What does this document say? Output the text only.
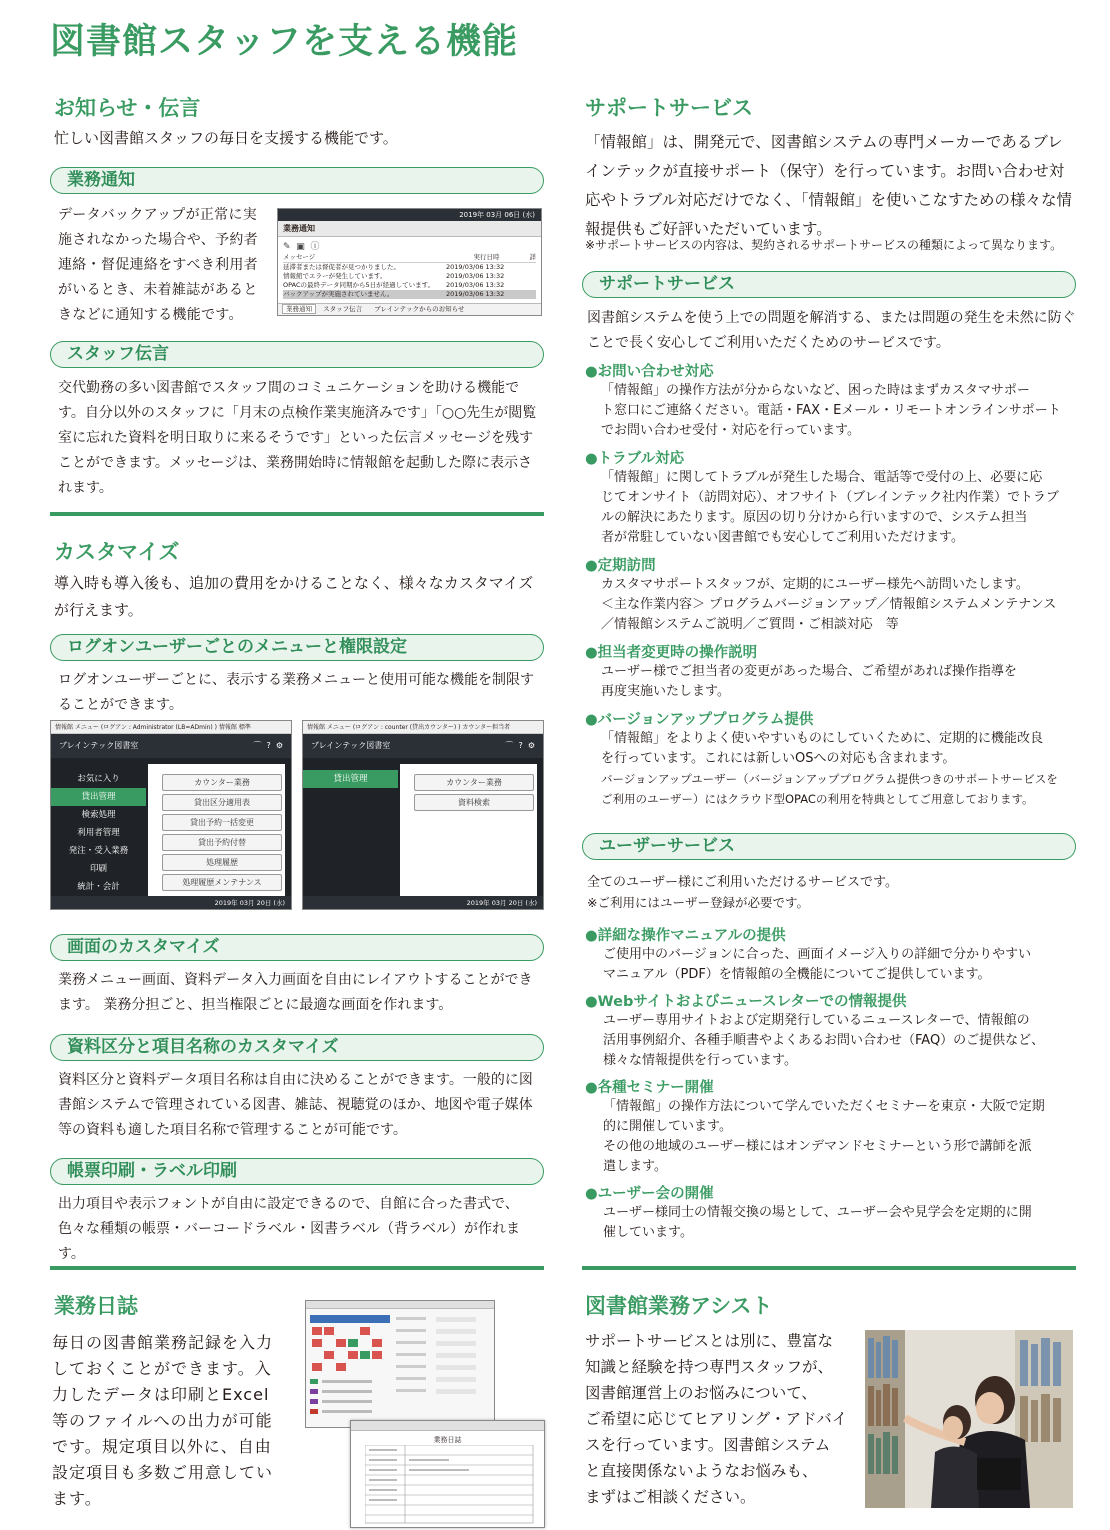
図書館スタッフを支える機能
お知らせ・伝言
忙しい図書館スタッフの毎日を支援する機能です。
業務通知
データバックアップが正常に実施されなかった場合や、予約者連絡・督促連絡をすべき利用者がいるとき、未着雑誌があるときなどに通知する機能です。
2019年 03月 06日 (水)
業務通知
✎ ▣ ⓘ
メッセージ	実行日時	詳
延滞者または督促者が見つかりました。	2019/03/06 13:32
情報館でエラーが発生しています。	2019/03/06 13:32
OPACの最終データ同期から5日が経過しています。	2019/03/06 13:32
バックアップが実施されていません。	2019/03/06 13:32
業務通知 スタッフ伝言 ブレインテックからのお知らせ
スタッフ伝言
交代勤務の多い図書館でスタッフ間のコミュニケーションを助ける機能です。自分以外のスタッフに「月末の点検作業実施済みです」「○○先生が閲覧室に忘れた資料を明日取りに来るそうです」といった伝言メッセージを残すことができます。メッセージは、業務開始時に情報館を起動した際に表示されます。
カスタマイズ
導入時も導入後も、追加の費用をかけることなく、様々なカスタマイズが行えます。
ログオンユーザーごとのメニューと権限設定
ログオンユーザーごとに、表示する業務メニューと使用可能な機能を制限することができます。
情報館 メニュー (ログアン : Administrator (LB=ADmin) ) 情報館 標準
ブレインテック図書室	⌒  ?  ⚙
お気に入り
貸出管理
検索処理
利用者管理
発注・受入業務
印刷
統計・会計
カウンター業務
貸出区分適用表
貸出予約一括変更
貸出予約付替
処理履歴
処理履歴メンテナンス
2019年 03月 20日 (水)
情報館 メニュー (ログアン : counter (貸出カウンター) ) カウンター担当者
ブレインテック図書室	⌒  ?  ⚙
貸出管理	カウンター業務
資料検索
2019年 03月 20日 (水)
画面のカスタマイズ
業務メニュー画面、資料データ入力画面を自由にレイアウトすることができます。 業務分担ごと、担当権限ごとに最適な画面を作れます。
資料区分と項目名称のカスタマイズ
資料区分と資料データ項目名称は自由に決めることができます。一般的に図書館システムで管理されている図書、雑誌、視聴覚のほか、地図や電子媒体等の資料も適した項目名称で管理することが可能です。
帳票印刷・ラベル印刷
出力項目や表示フォントが自由に設定できるので、自館に合った書式で、色々な種類の帳票・バーコードラベル・図書ラベル（背ラベル）が作れます。
業務日誌
毎日の図書館業務記録を入力しておくことができます。入力したデータは印刷とExcel等のファイルへの出力が可能です。規定項目以外に、自由設定項目も多数ご用意しています。
業務日誌
サポートサービス
「情報館」は、開発元で、図書館システムの専門メーカーであるブレインテックが直接サポート（保守）を行っています。お問い合わせ対応やトラブル対応だけでなく、「情報館」を使いこなすための様々な情報提供もご好評いただいています。
※サポートサービスの内容は、契約されるサポートサービスの種類によって異なります。
サポートサービス
図書館システムを使う上での問題を解消する、または問題の発生を未然に防ぐことで長く安心してご利用いただくためのサービスです。
●お問い合わせ対応
「情報館」の操作方法が分からないなど、困った時はまずカスタマサポー
ト窓口にご連絡ください。電話・FAX・Eメール・リモートオンラインサポート
でお問い合わせ受付・対応を行っています。
●トラブル対応
「情報館」に関してトラブルが発生した場合、電話等で受付の上、必要に応
じてオンサイト（訪問対応）、オフサイト（ブレインテック社内作業）でトラブ
ルの解決にあたります。原因の切り分けから行いますので、システム担当
者が常駐していない図書館でも安心してご利用いただけます。
●定期訪問
カスタマサポートスタッフが、定期的にユーザー様先へ訪問いたします。
＜主な作業内容＞ プログラムバージョンアップ／情報館システムメンテナンス
／情報館システムご説明／ご質問・ご相談対応　等
●担当者変更時の操作説明
ユーザー様でご担当者の変更があった場合、ご希望があれば操作指導を
再度実施いたします。
●バージョンアッププログラム提供
「情報館」をよりよく使いやすいものにしていくために、定期的に機能改良
を行っています。これには新しいOSへの対応も含まれます。
バージョンアップユーザー（バージョンアッププログラム提供つきのサポートサービスを
ご利用のユーザー）にはクラウド型OPACの利用を特典としてご用意しております。
ユーザーサービス
全てのユーザー様にご利用いただけるサービスです。
※ご利用にはユーザー登録が必要です。
●詳細な操作マニュアルの提供
ご使用中のバージョンに合った、画面イメージ入りの詳細で分かりやすい
マニュアル（PDF）を情報館の全機能についてご提供しています。
●Webサイトおよびニュースレターでの情報提供
ユーザー専用サイトおよび定期発行しているニュースレターで、情報館の
活用事例紹介、各種手順書やよくあるお問い合わせ（FAQ）のご提供など、
様々な情報提供を行っています。
●各種セミナー開催
「情報館」の操作方法について学んでいただくセミナーを東京・大阪で定期
的に開催しています。
その他の地域のユーザー様にはオンデマンドセミナーという形で講師を派
遣します。
●ユーザー会の開催
ユーザー様同士の情報交換の場として、ユーザー会や見学会を定期的に開
催しています。
図書館業務アシスト
サポートサービスとは別に、豊富な
知識と経験を持つ専門スタッフが、
図書館運営上のお悩みについて、
ご希望に応じてヒアリング・アドバイ
スを行っています。図書館システム
と直接関係ないようなお悩みも、
まずはご相談ください。
